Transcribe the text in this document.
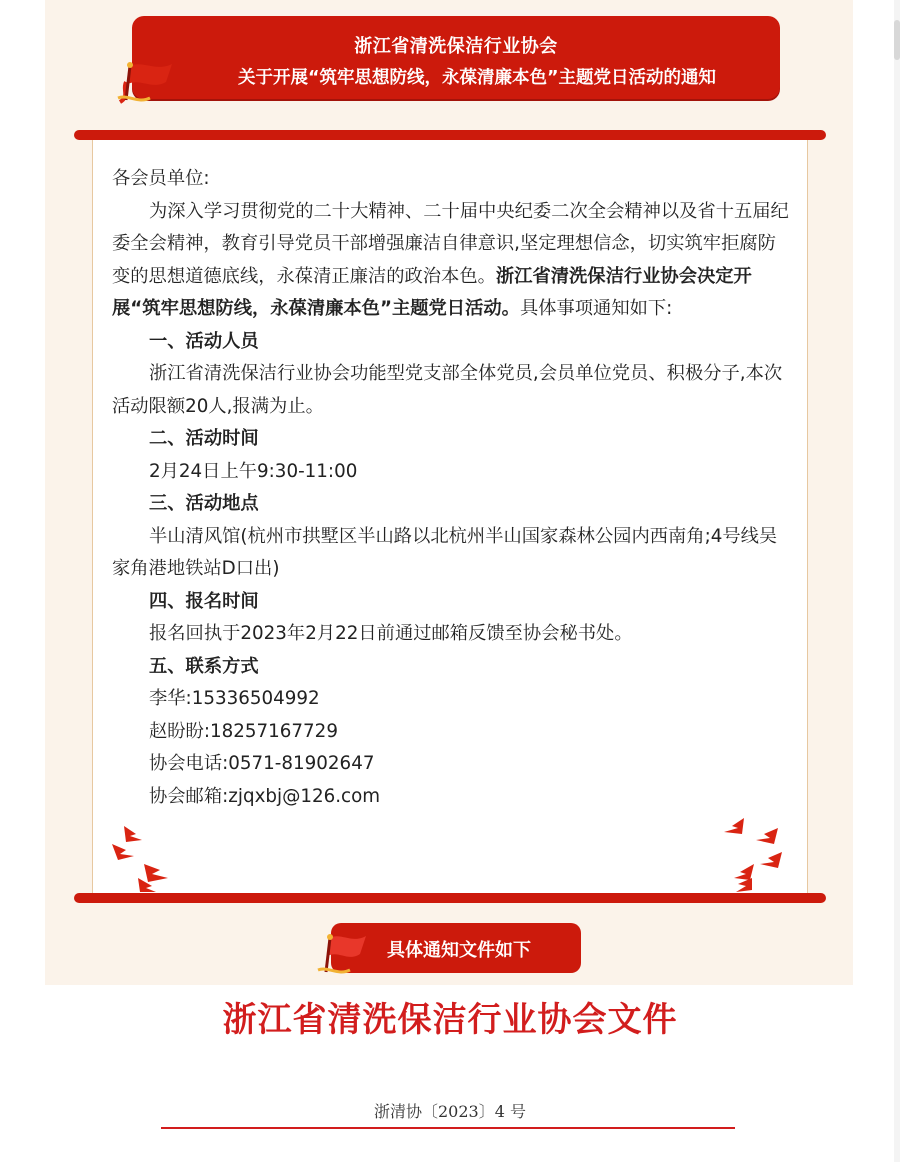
浙江省清洗保洁行业协会
关于开展“筑牢思想防线，永葆清廉本色”主题党日活动的通知
各会员单位:

为深入学习贯彻党的二十大精神、二十届中央纪委二次全会精神以及省十五届纪委全会精神，教育引导党员干部增强廉洁自律意识,坚定理想信念，切实筑牢拒腐防变的思想道德底线，永葆清正廉洁的政治本色。浙江省清洗保洁行业协会决定开展“筑牢思想防线，永葆清廉本色”主题党日活动。具体事项通知如下:

一、活动人员

浙江省清洗保洁行业协会功能型党支部全体党员,会员单位党员、积极分子,本次活动限额20人,报满为止。

二、活动时间
2月24日上午9:30-11:00
三、活动地点

半山清风馆(杭州市拱墅区半山路以北杭州半山国家森林公园内西南角;4号线吴家角港地铁站D口出)

四、报名时间
报名回执于2023年2月22日前通过邮箱反馈至协会秘书处。
五、联系方式
李华:15336504992
赵盼盼:18257167729
协会电话:0571-81902647
协会邮箱:zjqxbj@126.com
具体通知文件如下
浙江省清洗保洁行业协会文件
浙清协〔2023〕4 号
